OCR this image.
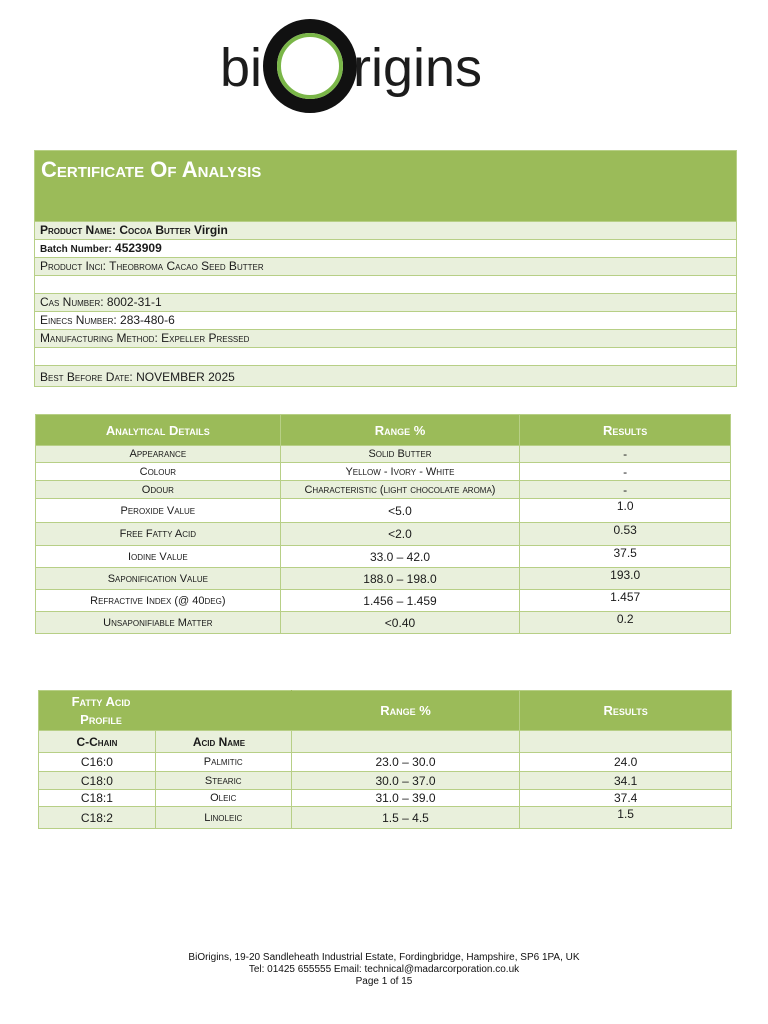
bi rigins
Certificate Of Analysis
Product Name: Cocoa Butter Virgin
Batch Number: 4523909
Product Inci: Theobroma Cacao Seed Butter
Cas Number: 8002-31-1
Einecs Number: 283-480-6
Manufacturing Method: Expeller Pressed
Best Before Date: NOVEMBER 2025
Analytical Details	Range %	Results
Appearance	Solid Butter	-
Colour	Yellow - Ivory - White	-
Odour	Characteristic (light chocolate aroma)	-
Peroxide Value	<5.0	1.0
Free Fatty Acid	<2.0	0.53
Iodine Value	33.0 – 42.0	37.5
Saponification Value	188.0 – 198.0	193.0
Refractive Index (@ 40deg)	1.456 – 1.459	1.457
Unsaponifiable Matter	<0.40	0.2
Fatty Acid Profile		Range %	Results
C-Chain	Acid Name		
C16:0	Palmitic	23.0 – 30.0	24.0
C18:0	Stearic	30.0 – 37.0	34.1
C18:1	Oleic	31.0 – 39.0	37.4
C18:2	Linoleic	1.5 – 4.5	1.5
BiOrigins, 19-20 Sandleheath Industrial Estate, Fordingbridge, Hampshire, SP6 1PA, UK
Tel: 01425 655555 Email: technical@madarcorporation.co.uk
Page 1 of 15
